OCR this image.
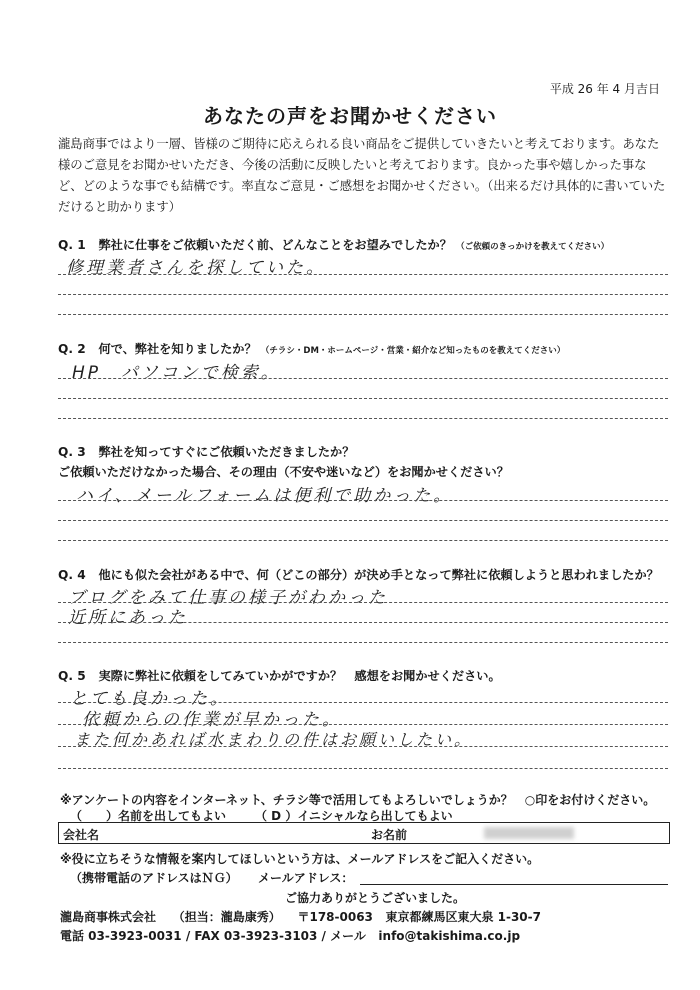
平成 26 年 4 月吉日
あなたの声をお聞かせください
瀧島商事ではより一層、皆様のご期待に応えられる良い商品をご提供していきたいと考えております。あなた様のご意見をお聞かせいただき、今後の活動に反映したいと考えております。良かった事や嬉しかった事など、どのような事でも結構です。率直なご意見・ご感想をお聞かせください。（出来るだけ具体的に書いていただけると助かります）
Q. 1 弊社に仕事をご依頼いただく前、どんなことをお望みでしたか？ （ご依頼のきっかけを教えてください）
修理業者さんを探していた。
Q. 2 何で、弊社を知りましたか？ （チラシ・DM・ホームページ・営業・紹介など知ったものを教えてください）
HP　パソコンで検索。
Q. 3 弊社を知ってすぐにご依頼いただきましたか？
ご依頼いただけなかった場合、その理由（不安や迷いなど）をお聞かせください？
ハイ、メールフォームは便利で助かった。
Q. 4 他にも似た会社がある中で、何（どこの部分）が決め手となって弊社に依頼しようと思われましたか？
ブログをみて仕事の様子がわかった
近所にあった
Q. 5 実際に弊社に依頼をしてみていかがですか？　感想をお聞かせください。
とても良かった。
依頼からの作業が早かった。
また何かあれば水まわりの件はお願いしたい。
※アンケートの内容をインターネット、チラシ等で活用してもよろしいでしょうか？　○印をお付けください。
（　　）名前を出してもよい （ D ）イニシャルなら出してもよい
会社名	お名前
※役に立ちそうな情報を案内してほしいという方は、メールアドレスをご記入ください。
（携帯電話のアドレスはＮＧ） メールアドレス：
ご協力ありがとうございました。
瀧島商事株式会社 （担当：瀧島康秀） 〒178-0063 東京都練馬区東大泉 1-30-7
電話 03-3923-0031 / FAX 03-3923-3103 / メール info@takishima.co.jp
